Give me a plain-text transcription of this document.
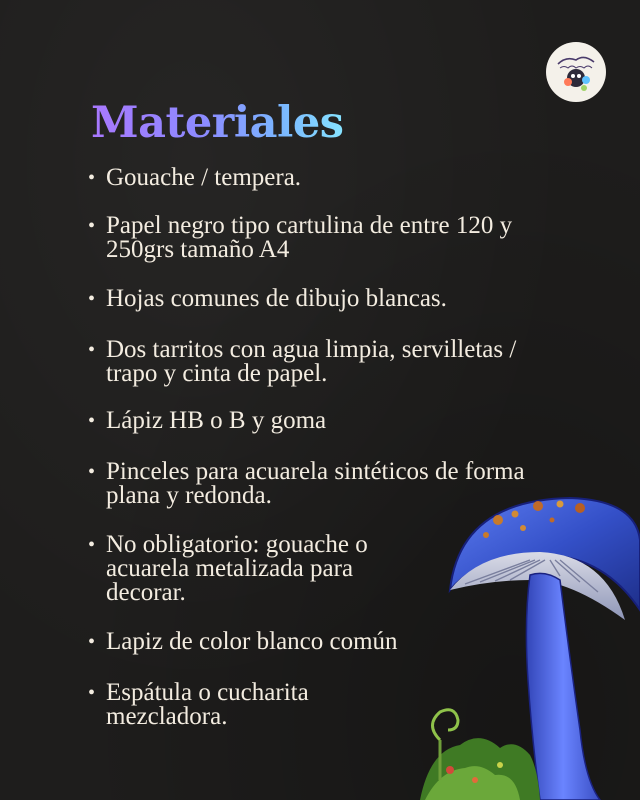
Materiales
• Gouache / tempera.
• Papel negro tipo cartulina de entre 120 y 250grs tamaño A4
• Hojas comunes de dibujo blancas.
• Dos tarritos con agua limpia, servilletas / trapo y cinta de papel.
• Lápiz HB o B y goma
• Pinceles para acuarela sintéticos de forma plana y redonda.
• No obligatorio: gouache o acuarela metalizada para decorar.
• Lapiz de color blanco común
• Espátula o cucharita mezcladora.
